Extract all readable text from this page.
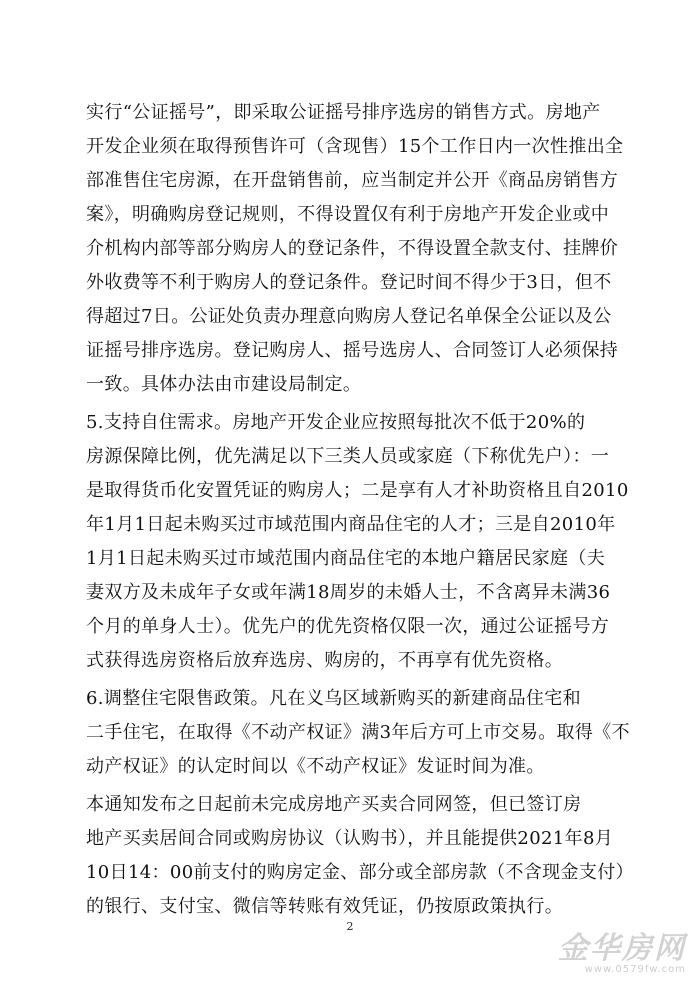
实行“公证摇号”，即采取公证摇号排序选房的销售方式。房地产
开发企业须在取得预售许可（含现售）15个工作日内一次性推出全
部准售住宅房源，在开盘销售前，应当制定并公开《商品房销售方
案》，明确购房登记规则，不得设置仅有利于房地产开发企业或中
介机构内部等部分购房人的登记条件，不得设置全款支付、挂牌价
外收费等不利于购房人的登记条件。登记时间不得少于3日，但不
得超过7日。公证处负责办理意向购房人登记名单保全公证以及公
证摇号排序选房。登记购房人、摇号选房人、合同签订人必须保持
一致。具体办法由市建设局制定。
5.支持自住需求。房地产开发企业应按照每批次不低于20%的
房源保障比例，优先满足以下三类人员或家庭（下称优先户）：一
是取得货币化安置凭证的购房人；二是享有人才补助资格且自2010
年1月1日起未购买过市域范围内商品住宅的人才；三是自2010年
1月1日起未购买过市域范围内商品住宅的本地户籍居民家庭（夫
妻双方及未成年子女或年满18周岁的未婚人士，不含离异未满36
个月的单身人士）。优先户的优先资格仅限一次，通过公证摇号方
式获得选房资格后放弃选房、购房的，不再享有优先资格。
6.调整住宅限售政策。凡在义乌区域新购买的新建商品住宅和
二手住宅，在取得《不动产权证》满3年后方可上市交易。取得《不
动产权证》的认定时间以《不动产权证》发证时间为准。
本通知发布之日起前未完成房地产买卖合同网签，但已签订房
地产买卖居间合同或购房协议（认购书），并且能提供2021年8月
10日14：00前支付的购房定金、部分或全部房款（不含现金支付）
的银行、支付宝、微信等转账有效凭证，仍按原政策执行。
2
金华房网
www.0579fw.com
